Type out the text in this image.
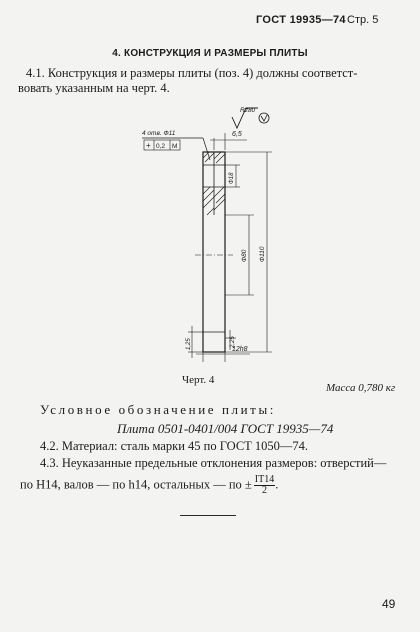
ГОСТ 19935—74 Стр. 5
4. КОНСТРУКЦИЯ И РАЗМЕРЫ ПЛИТЫ
4.1. Конструкция и размеры плиты (поз. 4) должны соответст-
вовать указанным на черт. 4.
Rz80
4 отв. Ф11
+ 0,2 M
6,5
Ф18
Ф80 Ф110
1,25	2,25
12h8
Черт. 4
Масса 0,780 кг
Условное обозначение плиты:
Плита 0501-0401/004 ГОСТ 19935—74
4.2. Материал: сталь марки 45 по ГОСТ 1050—74.
4.3. Неуказанные предельные отклонения размеров: отверстий—
по H14, валов — по h14, остальных — по ± $\frac{IT14}{2}$ .
49
